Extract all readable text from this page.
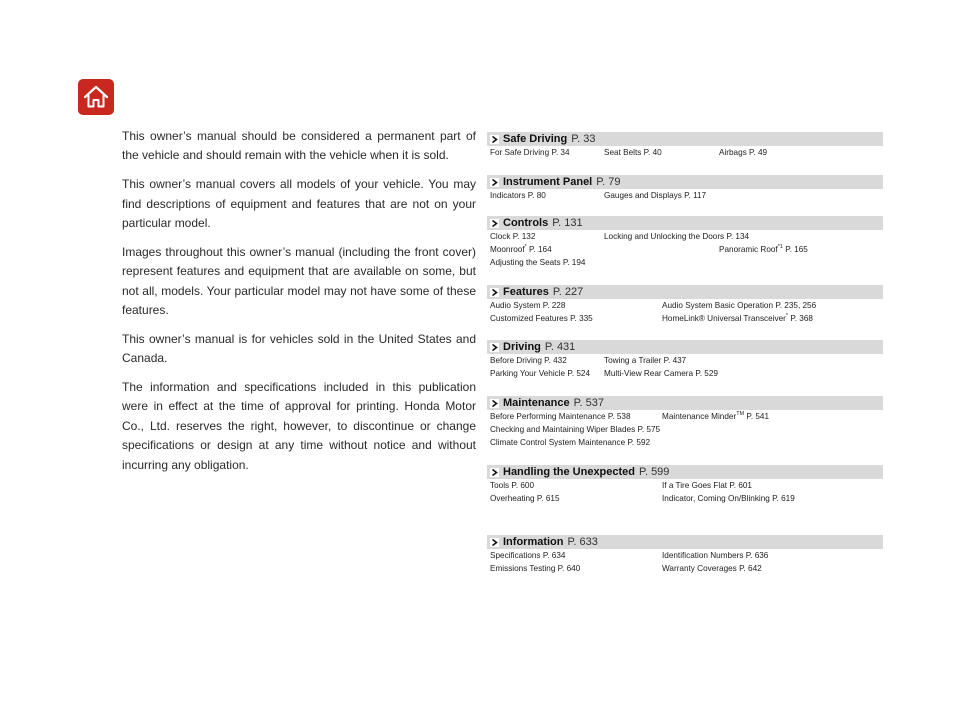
This owner’s manual should be considered a permanent part of the vehicle and should remain with the vehicle when it is sold.

This owner’s manual covers all models of your vehicle. You may find descriptions of equipment and features that are not on your particular model.

Images throughout this owner’s manual (including the front cover) represent features and equipment that are available on some, but not all, models. Your particular model may not have some of these features.

This owner’s manual is for vehicles sold in the United States and Canada.

The information and specifications included in this publication were in effect at the time of approval for printing. Honda Motor Co., Ltd. reserves the right, however, to discontinue or change specifications or design at any time without notice and without incurring any obligation.

Safe Driving P. 33
For Safe Driving P. 34	Seat Belts P. 40	Airbags P. 49
Instrument Panel P. 79
Indicators P. 80	Gauges and Displays P. 117
Controls P. 131
Clock P. 132	Locking and Unlocking the Doors P. 134
Moonroof* P. 164	Panoramic Roof$^{*1}$ P. 165
Adjusting the Seats P. 194
Features P. 227
Audio System P. 228	Audio System Basic Operation P. 235, 256
Customized Features P. 335	HomeLink® Universal Transceiver* P. 368
Driving P. 431
Before Driving P. 432	Towing a Trailer P. 437
Parking Your Vehicle P. 524 Multi-View Rear Camera P. 529
Maintenance P. 537
Before Performing Maintenance P. 538	Maintenance Minder™ P. 541
Checking and Maintaining Wiper Blades P. 575
Climate Control System Maintenance P. 592
Handling the Unexpected P. 599
Tools P. 600	If a Tire Goes Flat P. 601
Overheating P. 615	Indicator, Coming On/Blinking P. 619
Information P. 633
Specifications P. 634	Identification Numbers P. 636
Emissions Testing P. 640	Warranty Coverages P. 642
